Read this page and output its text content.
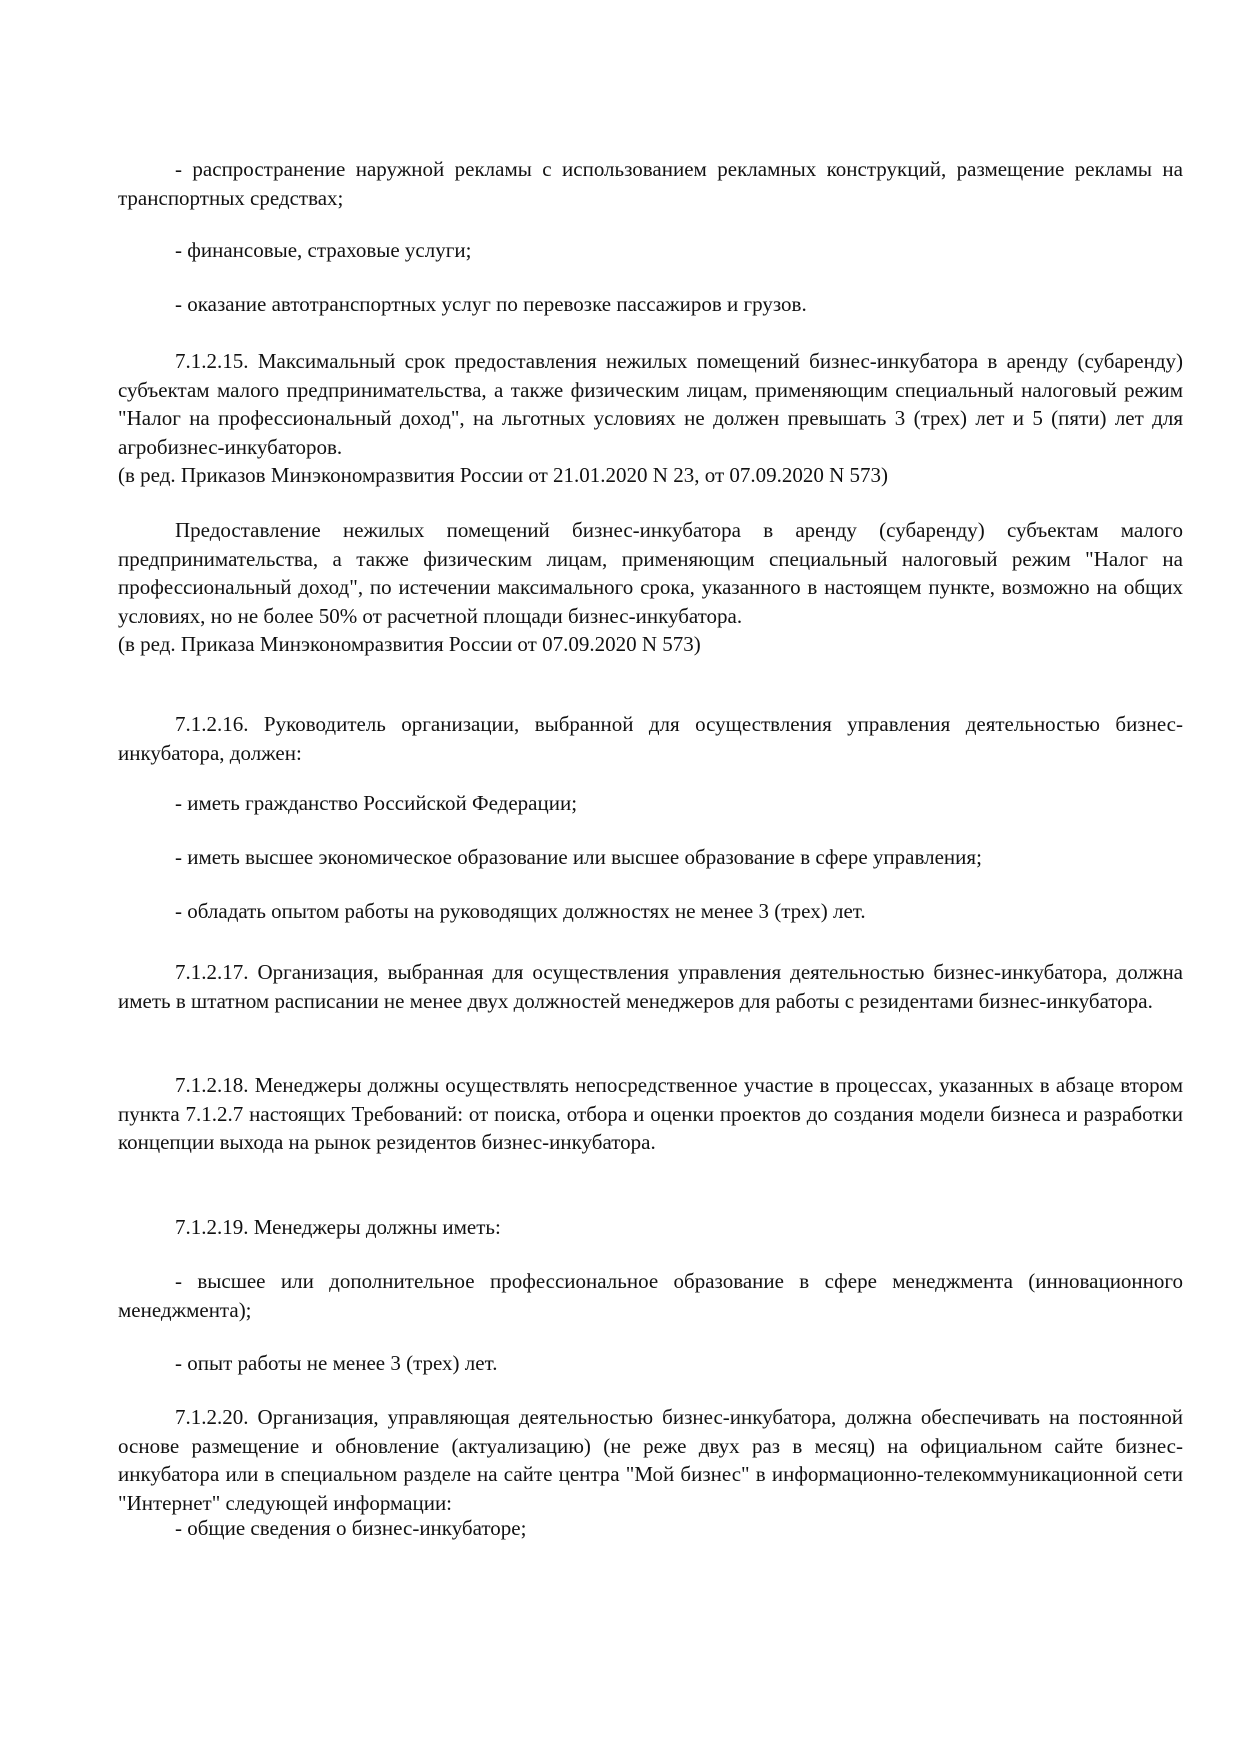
- распространение наружной рекламы с использованием рекламных конструкций, размещение рекламы на транспортных средствах;

- финансовые, страховые услуги;

- оказание автотранспортных услуг по перевозке пассажиров и грузов.

7.1.2.15. Максимальный срок предоставления нежилых помещений бизнес-инкубатора в аренду (субаренду) субъектам малого предпринимательства, а также физическим лицам, применяющим специальный налоговый режим "Налог на профессиональный доход", на льготных условиях не должен превышать 3 (трех) лет и 5 (пяти) лет для агробизнес-инкубаторов.
(в ред. Приказов Минэкономразвития России от 21.01.2020 N 23, от 07.09.2020 N 573)
Предоставление нежилых помещений бизнес-инкубатора в аренду (субаренду) субъектам малого предпринимательства, а также физическим лицам, применяющим специальный налоговый режим "Налог на профессиональный доход", по истечении максимального срока, указанного в настоящем пункте, возможно на общих условиях, но не более 50% от расчетной площади бизнес-инкубатора.
(в ред. Приказа Минэкономразвития России от 07.09.2020 N 573)

7.1.2.16. Руководитель организации, выбранной для осуществления управления деятельностью бизнес-инкубатора, должен:

- иметь гражданство Российской Федерации;

- иметь высшее экономическое образование или высшее образование в сфере управления;

- обладать опытом работы на руководящих должностях не менее 3 (трех) лет.

7.1.2.17. Организация, выбранная для осуществления управления деятельностью бизнес-инкубатора, должна иметь в штатном расписании не менее двух должностей менеджеров для работы с резидентами бизнес-инкубатора.

7.1.2.18. Менеджеры должны осуществлять непосредственное участие в процессах, указанных в абзаце втором пункта 7.1.2.7 настоящих Требований: от поиска, отбора и оценки проектов до создания модели бизнеса и разработки концепции выхода на рынок резидентов бизнес-инкубатора.

7.1.2.19. Менеджеры должны иметь:

- высшее или дополнительное профессиональное образование в сфере менеджмента (инновационного менеджмента);

- опыт работы не менее 3 (трех) лет.

7.1.2.20. Организация, управляющая деятельностью бизнес-инкубатора, должна обеспечивать на постоянной основе размещение и обновление (актуализацию) (не реже двух раз в месяц) на официальном сайте бизнес-инкубатора или в специальном разделе на сайте центра "Мой бизнес" в информационно-телекоммуникационной сети "Интернет" следующей информации:

- общие сведения о бизнес-инкубаторе;
